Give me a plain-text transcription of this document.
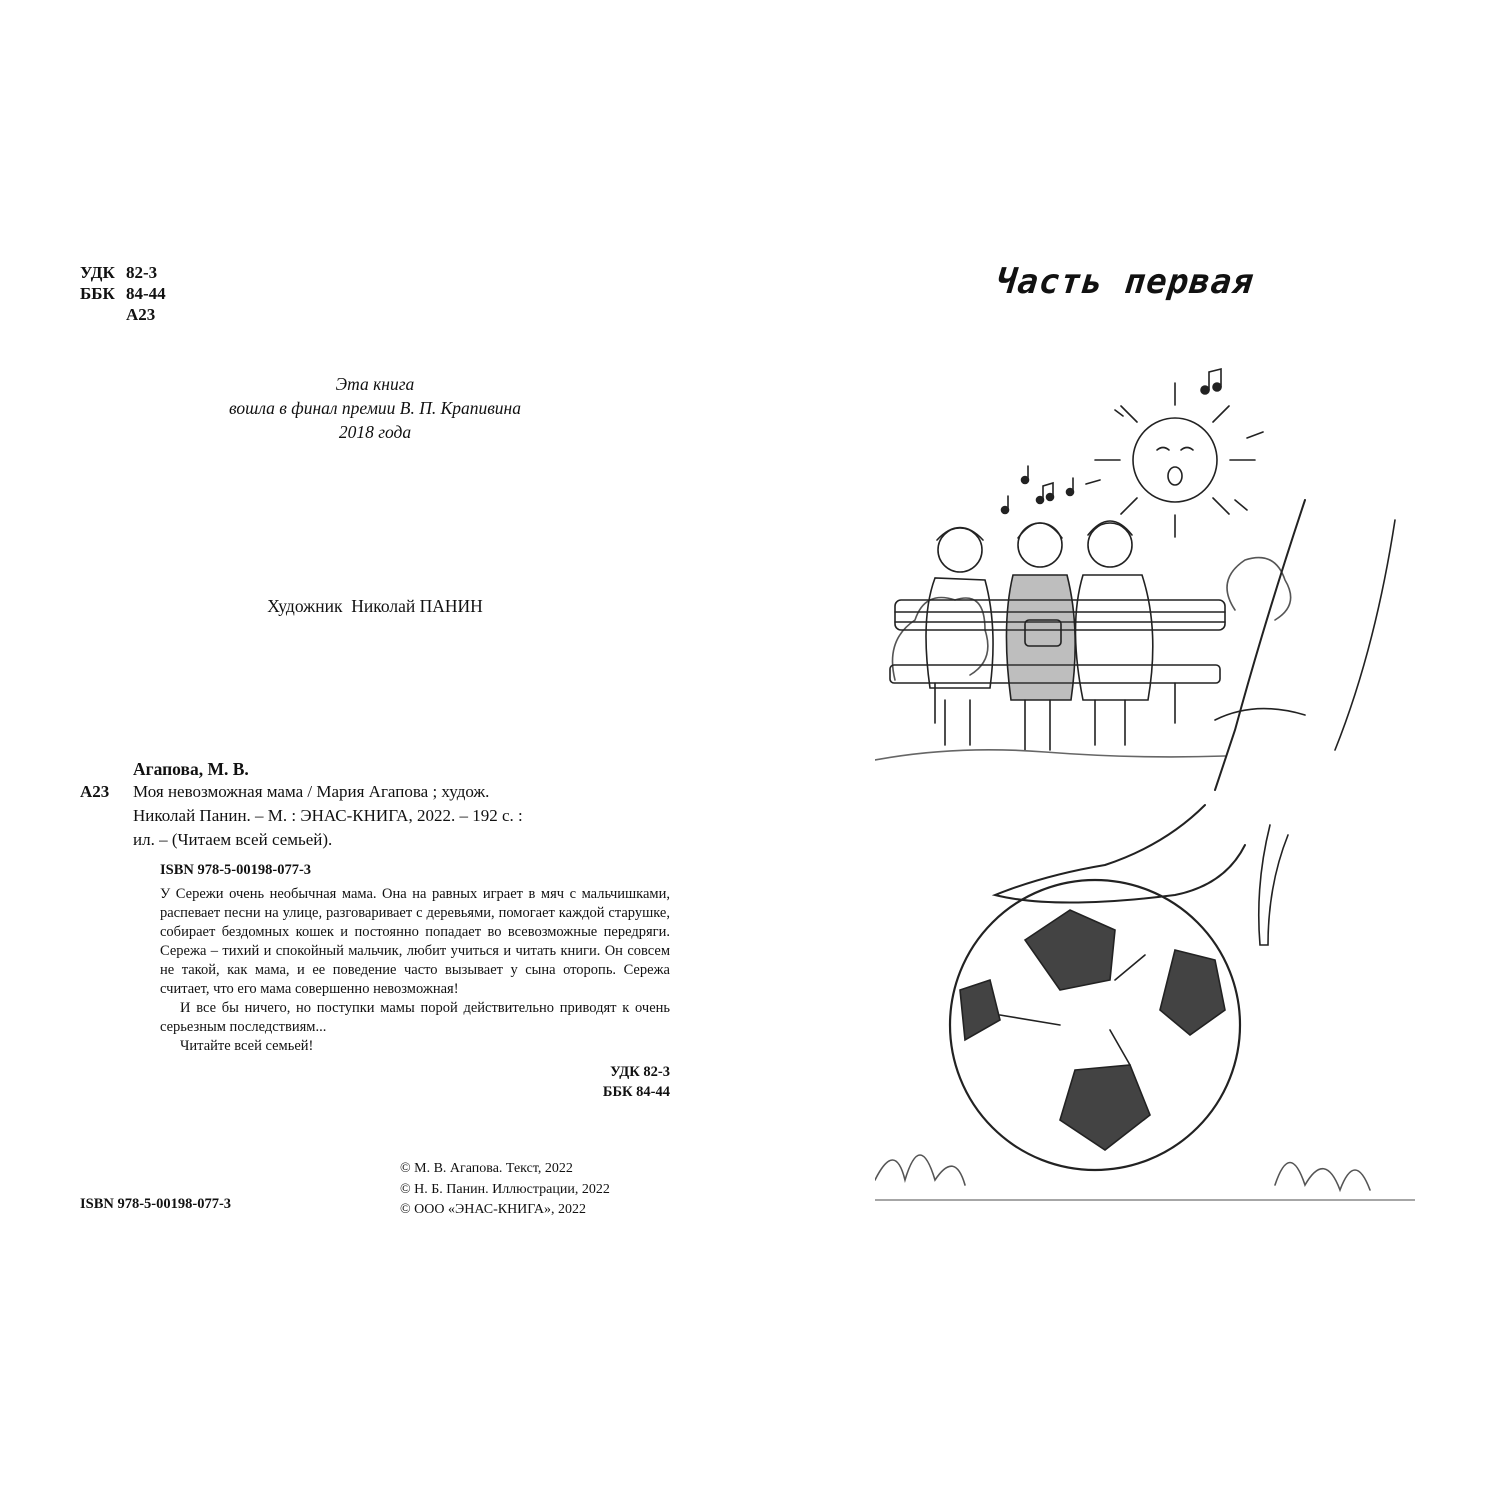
УДК 82-3
ББК 84-44
А23
Эта книга
вошла в финал премии В. П. Крапивина
2018 года
Художник  Николай ПАНИН
Агапова, М. В.
А23	Моя невозможная мама / Мария Агапова ; худож.
Николай Панин. – М. : ЭНАС-КНИГА, 2022. – 192 с. :
ил. – (Читаем всей семьей).
ISBN 978-5-00198-077-3

У Сережи очень необычная мама. Она на равных играет в мяч с мальчишками, распевает песни на улице, разговаривает с деревьями, помогает каждой старушке, собирает бездомных кошек и постоянно попадает во всевозможные передряги. Сережа – тихий и спокойный мальчик, любит учиться и читать книги. Он совсем не такой, как мама, и ее поведение часто вызывает у сына оторопь. Сережа считает, что его мама совершенно невозможная!

И все бы ничего, но поступки мамы порой действительно приводят к очень серьезным последствиям...

Читайте всей семьей!

УДК 82-3
ББК 84-44
© М. В. Агапова. Текст, 2022
© Н. Б. Панин. Иллюстрации, 2022
© ООО «ЭНАС-КНИГА», 2022
ISBN 978-5-00198-077-3
Часть первая
